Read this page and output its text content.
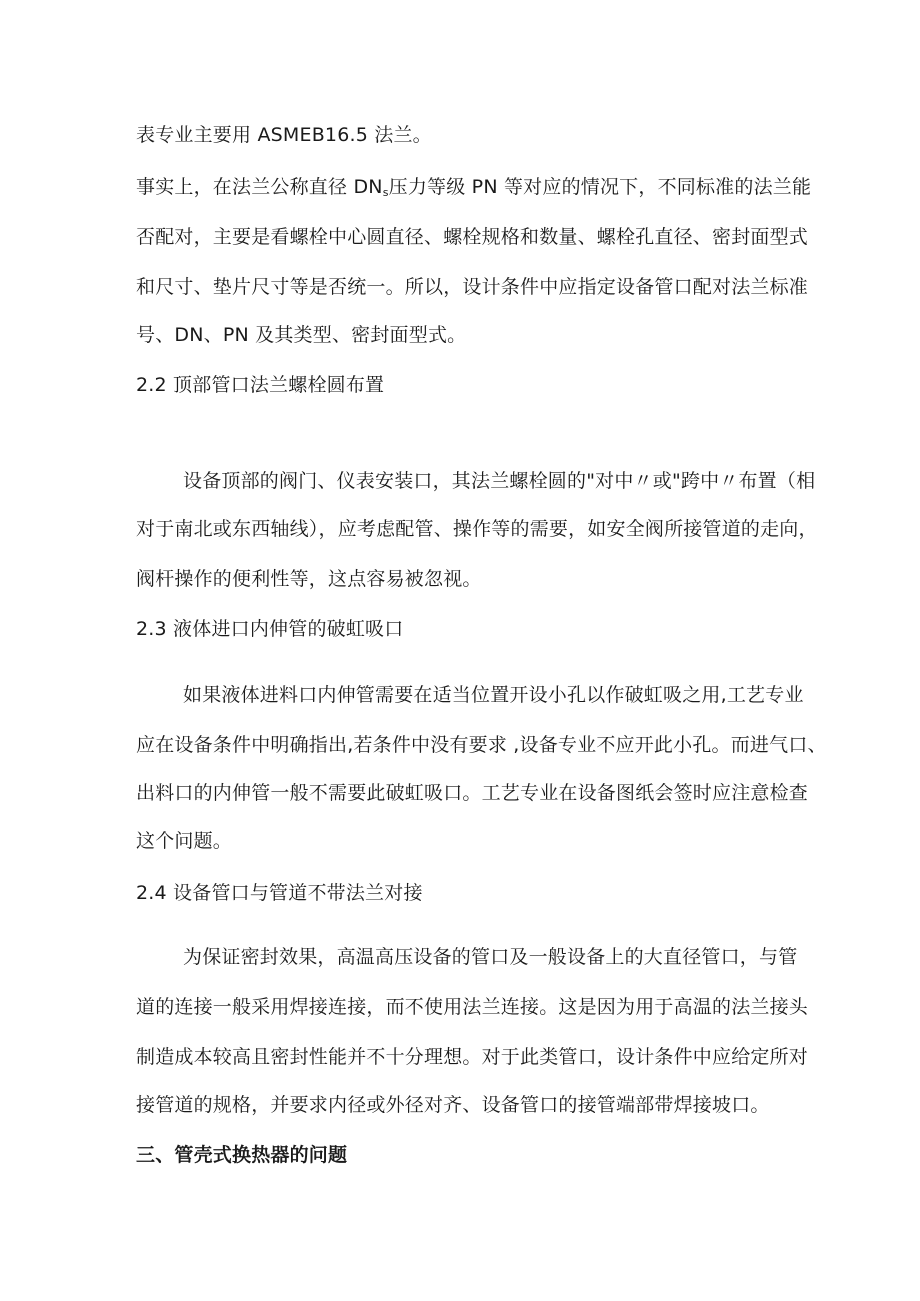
表专业主要用 ASMEB16.5 法兰。
事实上，在法兰公称直径 $DN_s$压力等级 PN 等对应的情况下，不同标准的法兰能
否配对，主要是看螺栓中心圆直径、螺栓规格和数量、螺栓孔直径、密封面型式
和尺寸、垫片尺寸等是否统一。所以，设计条件中应指定设备管口配对法兰标准
号、DN、PN 及其类型、密封面型式。
2.2 顶部管口法兰螺栓圆布置
设备顶部的阀门、仪表安装口，其法兰螺栓圆的"对中〃或"跨中〃布置（相
对于南北或东西轴线），应考虑配管、操作等的需要，如安全阀所接管道的走向，
阀杆操作的便利性等，这点容易被忽视。
2.3 液体进口内伸管的破虹吸口
如果液体进料口内伸管需要在适当位置开设小孔以作破虹吸之用,工艺专业
应在设备条件中明确指出,若条件中没有要求 ,设备专业不应开此小孔。而进气口、
出料口的内伸管一般不需要此破虹吸口。工艺专业在设备图纸会签时应注意检查
这个问题。
2.4 设备管口与管道不带法兰对接
为保证密封效果，高温高压设备的管口及一般设备上的大直径管口，与管
道的连接一般采用焊接连接，而不使用法兰连接。这是因为用于高温的法兰接头
制造成本较高且密封性能并不十分理想。对于此类管口，设计条件中应给定所对
接管道的规格，并要求内径或外径对齐、设备管口的接管端部带焊接坡口。
三、管壳式换热器的问题
